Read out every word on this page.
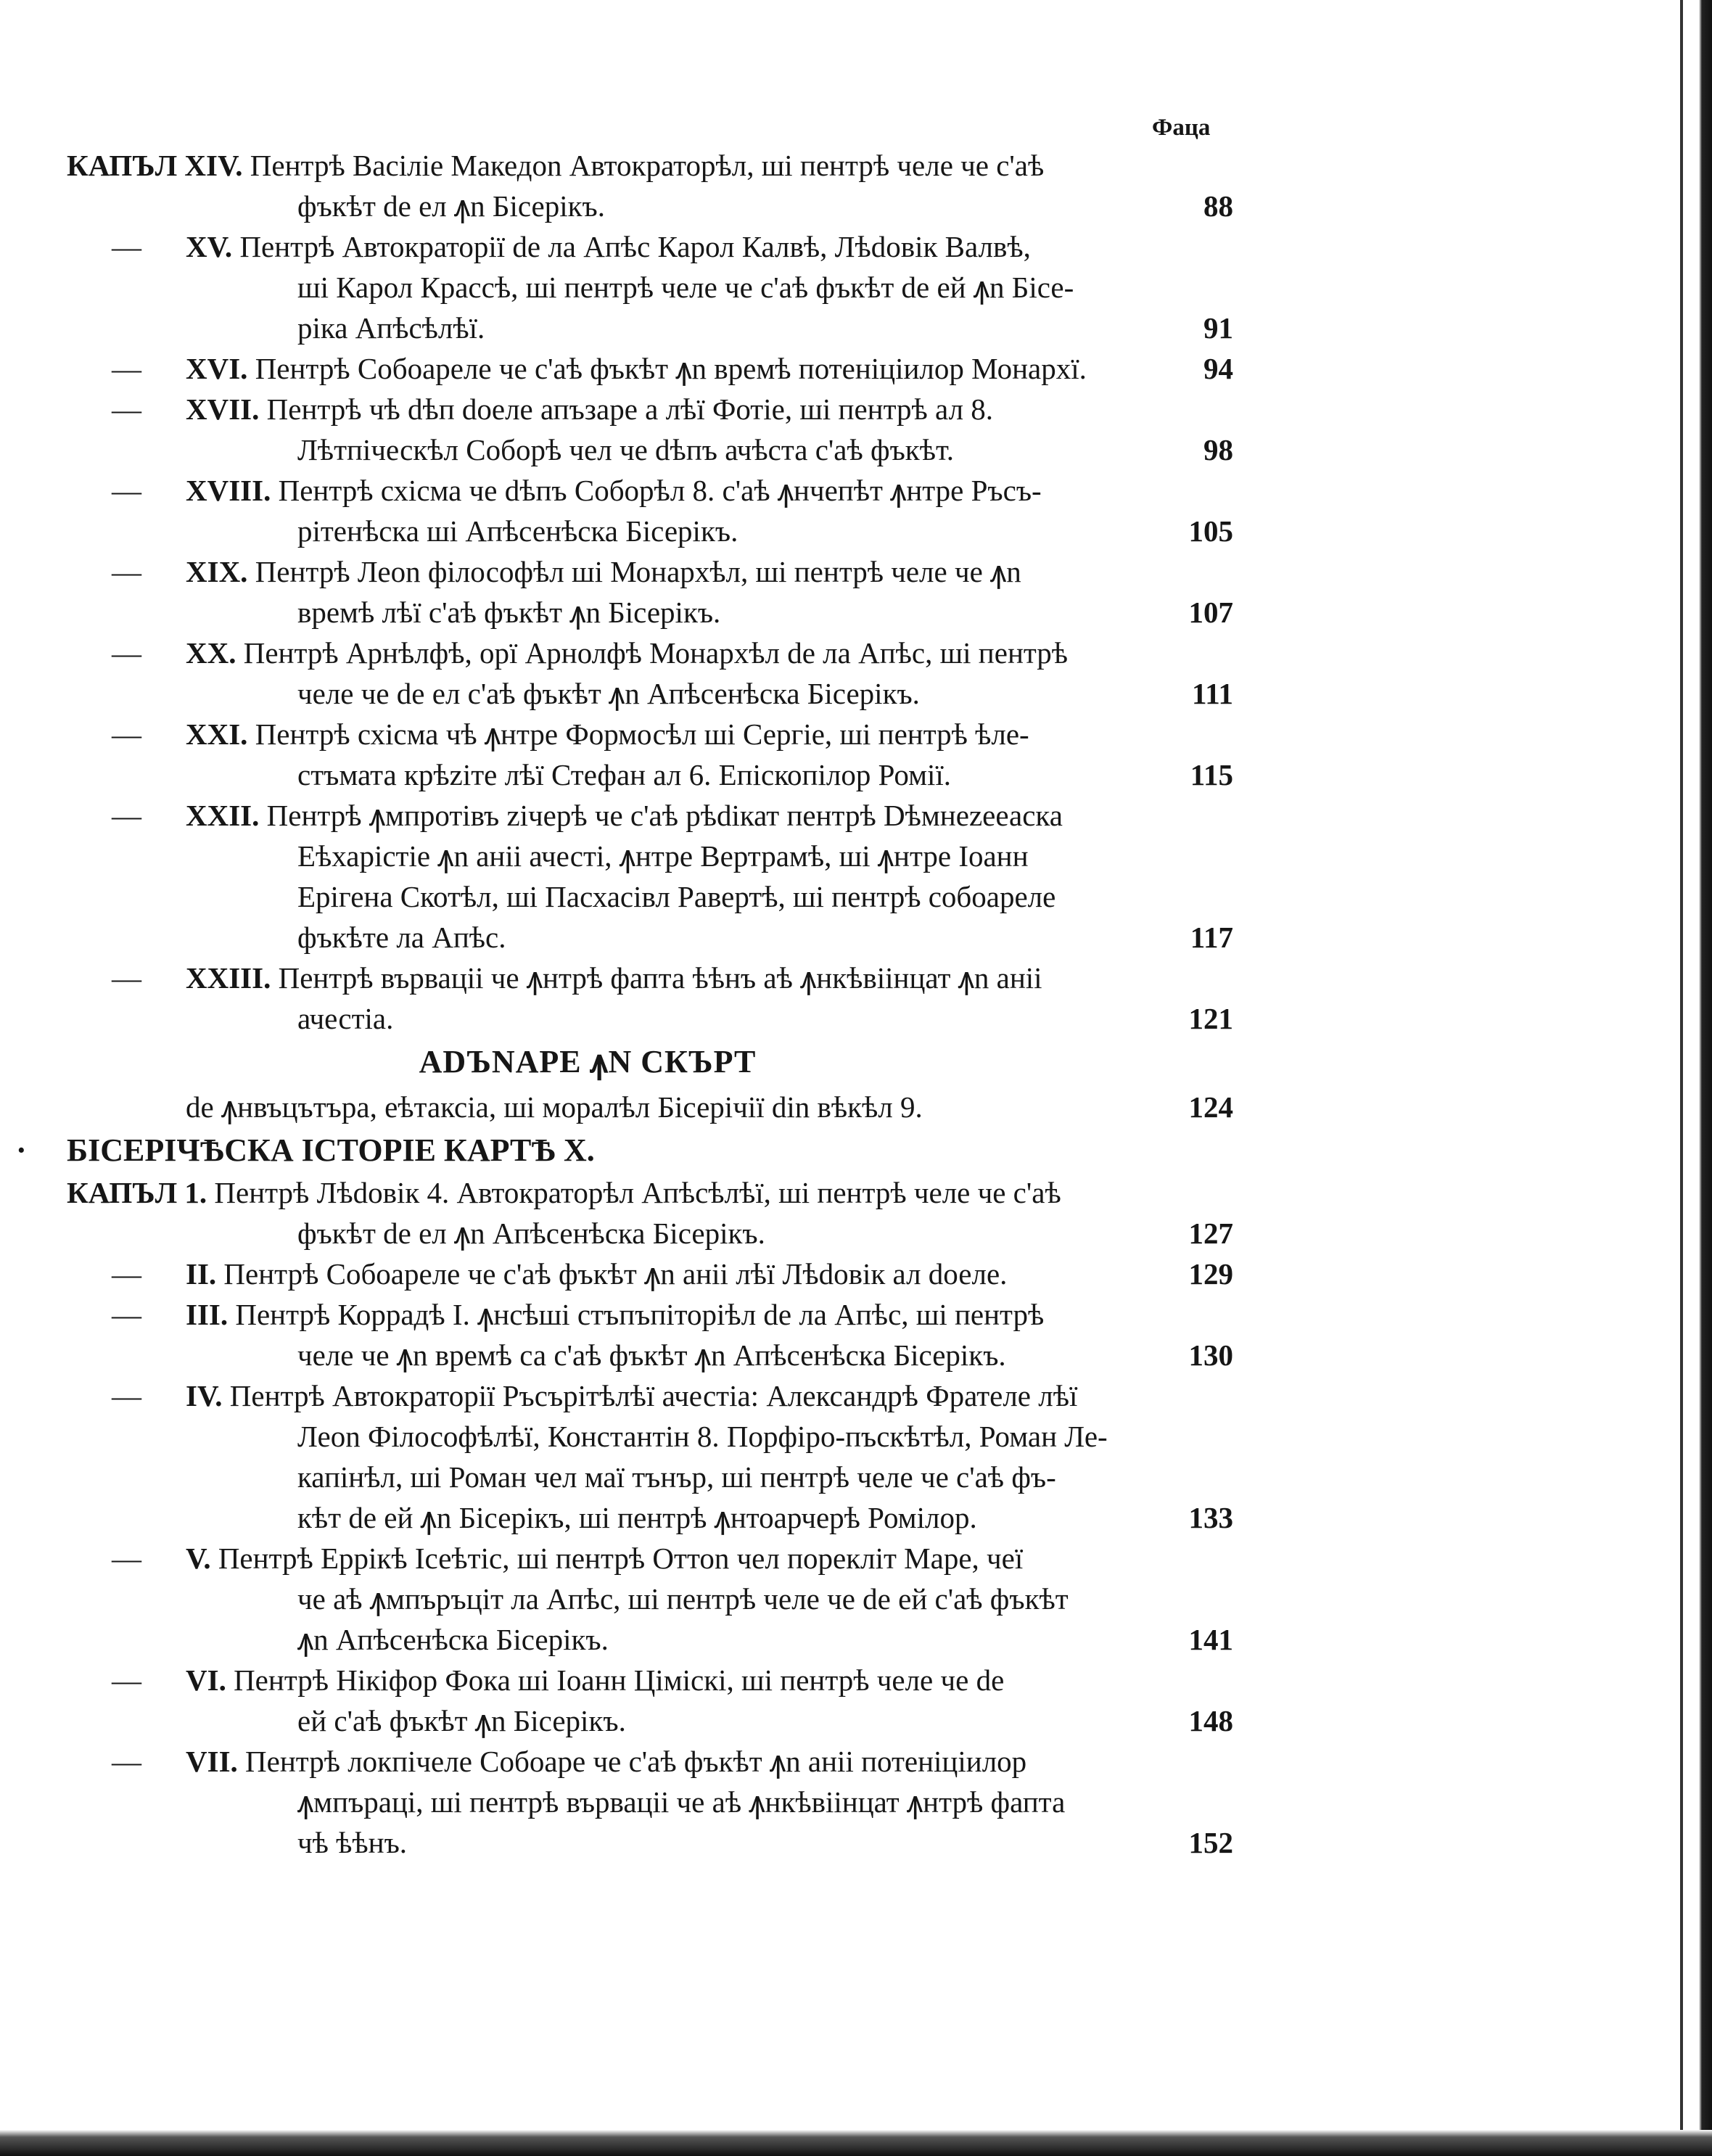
Фаца
КАПЪЛ XIV. Пентрѣ Васіліе Македоn Автократорѣл, ші пентрѣ челе че с'аѣ
фъкѣт dе ел ꙟn Бісерікъ.	88
— XV. Пентрѣ Автократорії dе ла Апѣс Карол Калвѣ, Лѣdовік Валвѣ,
ші Карол Крассѣ, ші пентрѣ челе че с'аѣ фъкѣт dе ей ꙟn Бісе-
ріка Апѣсѣлѣї.	91
— XVI. Пентрѣ Собоареле че с'аѣ фъкѣт ꙟn времѣ потеніціилор Монархї.	94
— XVII. Пентрѣ чѣ dѣп doеле апъзаре а лѣї Фотіе, ші пентрѣ ал 8.
Лѣтпіческѣл Соборѣ чел че dѣпъ ачѣста с'аѣ фъкѣт.	98
— XVIII. Пентрѣ схісма че dѣпъ Соборѣл 8. с'аѣ ꙟнчепѣт ꙟнтре Ръсъ-
рітенѣска ші Апѣсенѣска Бісерікъ.	105
— XIX. Пентрѣ Леоn філософѣл ші Монархѣл, ші пентрѣ челе че ꙟn
времѣ лѣї с'аѣ фъкѣт ꙟn Бісерікъ.	107
— XX. Пентрѣ Арнѣлфѣ, орї Арнолфѣ Монархѣл dе ла Апѣс, ші пентрѣ
челе че dе ел с'аѣ фъкѣт ꙟn Апѣсенѣска Бісерікъ.	111
— XXI. Пентрѣ схісма чѣ ꙟнтре Формосѣл ші Сергіе, ші пентрѣ ѣле-
стъмата крѣzіте лѣї Стефан ал 6. Епіскопілор Ромії.	115
— XXII. Пентрѣ ꙟмпротівъ zічерѣ че с'аѣ рѣdікат пентрѣ Dѣмнеzееаска
Еѣхарістіе ꙟn аніі ачесті, ꙟнтре Вертрамѣ, ші ꙟнтре Іоанн
Ерігена Скотѣл, ші Пасхасівл Равертѣ, ші пентрѣ собоареле
фъкѣте ла Апѣс.	117
— XXIII. Пентрѣ върваціі че ꙟнтрѣ фапта ѣѣнъ аѣ ꙟнкѣвіінцат ꙟn аніі
ачестіа.	121
АDЪNАРЕ ꙟN СКЪРТ
dе ꙟнвъцътъра, еѣтаксіа, ші моралѣл Бісерічії din вѣкѣл 9.	124
· БІСЕРІЧѢСКА ІСТОРІЕ КАРТѢ X.
КАПЪЛ 1. Пентрѣ Лѣdовік 4. Автократорѣл Апѣсѣлѣї, ші пентрѣ челе че с'аѣ
фъкѣт dе ел ꙟn Апѣсенѣска Бісерікъ.	127
— II. Пентрѣ Собоареле че с'аѣ фъкѣт ꙟn аніі лѣї Лѣdовік ал dоеле.	129
— III. Пентрѣ Коррадѣ І. ꙟнсѣші стъпъпіторіѣл dе ла Апѣс, ші пентрѣ
челе че ꙟn времѣ са с'аѣ фъкѣт ꙟn Апѣсенѣска Бісерікъ.	130
— IV. Пентрѣ Автократорії Ръсърітѣлѣї ачестіа: Александрѣ Фрателе лѣї
Леоn Філософѣлѣї, Константін 8. Порфіро-пъскѣтѣл, Роман Ле-
капінѣл, ші Роман чел маї тънър, ші пентрѣ челе че с'аѣ фъ-
кѣт dе ей ꙟn Бісерікъ, ші пентрѣ ꙟнтоарчерѣ Ромілор.	133
— V. Пентрѣ Еррікѣ Ісеѣтіс, ші пентрѣ Оттоn чел порекліт Маре, чеї
че аѣ ꙟмпъръціт ла Апѣс, ші пентрѣ челе че dе ей с'аѣ фъкѣт
ꙟn Апѣсенѣска Бісерікъ.	141
— VI. Пентрѣ Нікіфор Фока ші Іоанн Ціміскі, ші пентрѣ челе че dе
ей с'аѣ фъкѣт ꙟn Бісерікъ.	148
— VII. Пентрѣ локпічеле Собоаре че с'аѣ фъкѣт ꙟn аніі потеніціилор
ꙟмпъраці, ші пентрѣ върваціі че аѣ ꙟнкѣвіінцат ꙟнтрѣ фапта
чѣ ѣѣнъ.	152
